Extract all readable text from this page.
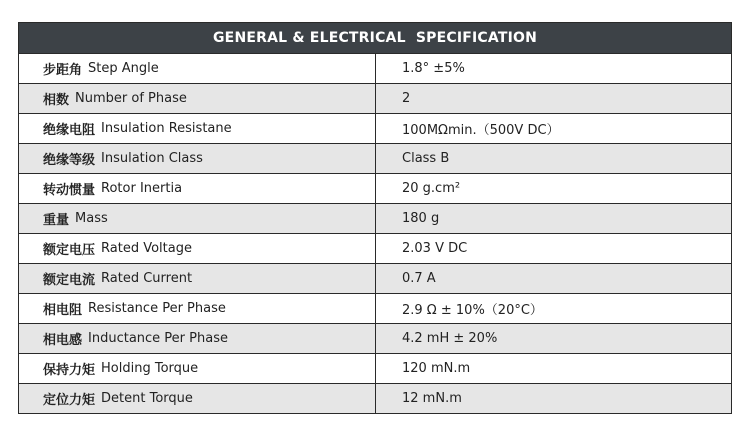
GENERAL & ELECTRICAL  SPECIFICATION
步距角 Step Angle	1.8° ±5%
相数 Number of Phase	2
绝缘电阻 Insulation Resistane	100MΩmin.（500V DC）
绝缘等级 Insulation Class	Class B
转动惯量 Rotor Inertia	20 g.cm²
重量 Mass	180 g
额定电压 Rated Voltage	2.03 V DC
额定电流 Rated Current	0.7 A
相电阻 Resistance Per Phase	2.9 Ω ± 10%（20°C）
相电感 Inductance Per Phase	4.2 mH ± 20%
保持力矩 Holding Torque	120 mN.m
定位力矩 Detent Torque	12 mN.m
